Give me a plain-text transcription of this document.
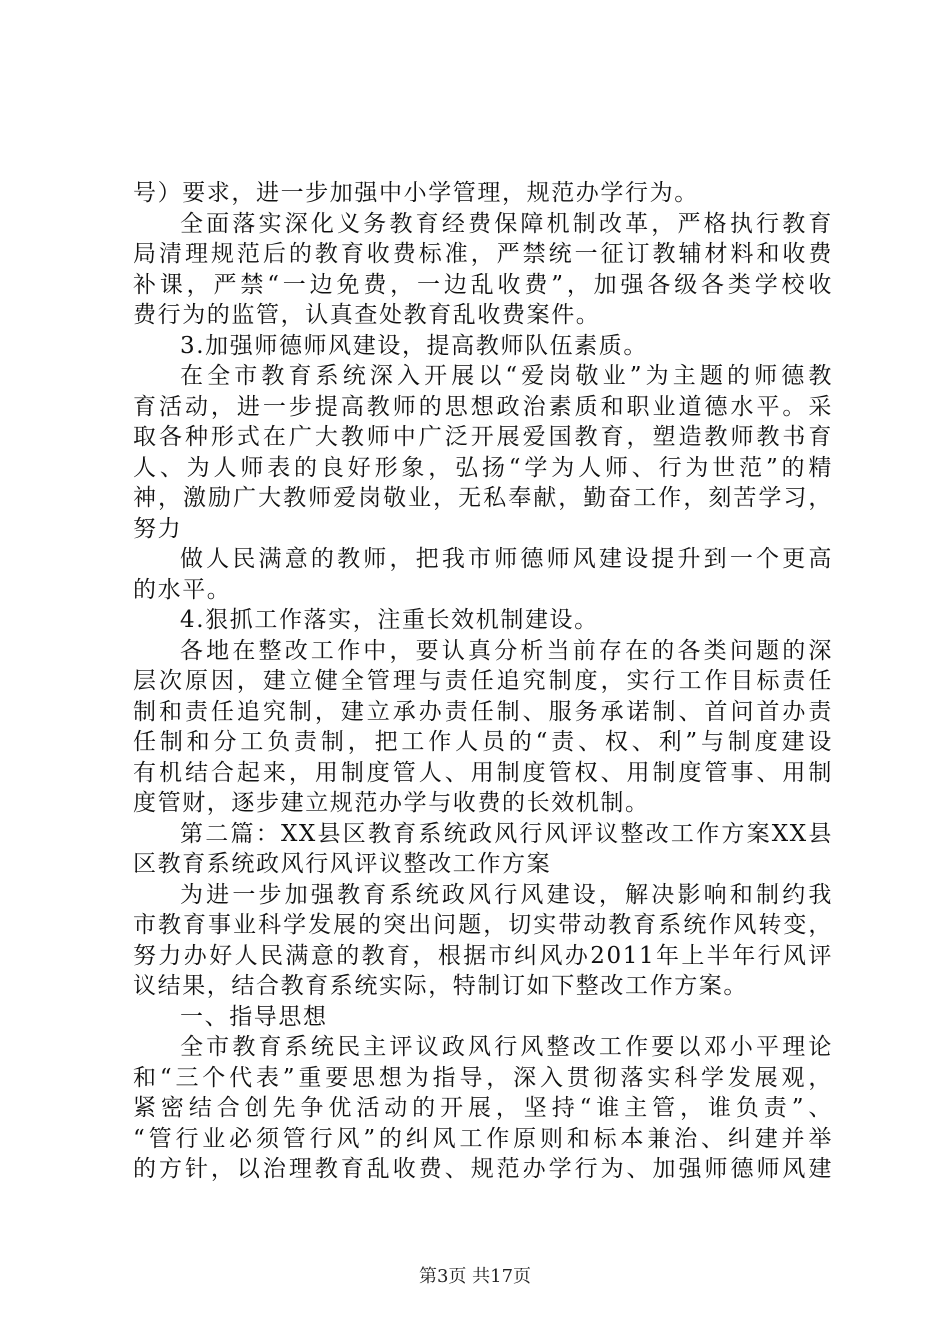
号）要求，进一步加强中小学管理，规范办学行为。
全面落实深化义务教育经费保障机制改革，严格执行教育
局清理规范后的教育收费标准，严禁统一征订教辅材料和收费
补课，严禁“一边免费，一边乱收费”，加强各级各类学校收
费行为的监管，认真查处教育乱收费案件。
3.加强师德师风建设，提高教师队伍素质。
在全市教育系统深入开展以“爱岗敬业”为主题的师德教
育活动，进一步提高教师的思想政治素质和职业道德水平。采
取各种形式在广大教师中广泛开展爱国教育，塑造教师教书育
人、为人师表的良好形象，弘扬“学为人师、行为世范”的精
神，激励广大教师爱岗敬业，无私奉献，勤奋工作，刻苦学习，
努力
做人民满意的教师，把我市师德师风建设提升到一个更高
的水平。
4.狠抓工作落实，注重长效机制建设。
各地在整改工作中，要认真分析当前存在的各类问题的深
层次原因，建立健全管理与责任追究制度，实行工作目标责任
制和责任追究制，建立承办责任制、服务承诺制、首问首办责
任制和分工负责制，把工作人员的“责、权、利”与制度建设
有机结合起来，用制度管人、用制度管权、用制度管事、用制
度管财，逐步建立规范办学与收费的长效机制。
第二篇：XX县区教育系统政风行风评议整改工作方案XX县
区教育系统政风行风评议整改工作方案
为进一步加强教育系统政风行风建设，解决影响和制约我
市教育事业科学发展的突出问题，切实带动教育系统作风转变，
努力办好人民满意的教育，根据市纠风办2011年上半年行风评
议结果，结合教育系统实际，特制订如下整改工作方案。
一、指导思想
全市教育系统民主评议政风行风整改工作要以邓小平理论
和“三个代表”重要思想为指导，深入贯彻落实科学发展观，
紧密结合创先争优活动的开展，坚持“谁主管，谁负责”、
“管行业必须管行风”的纠风工作原则和标本兼治、纠建并举
的方针，以治理教育乱收费、规范办学行为、加强师德师风建
第3页 共17页
